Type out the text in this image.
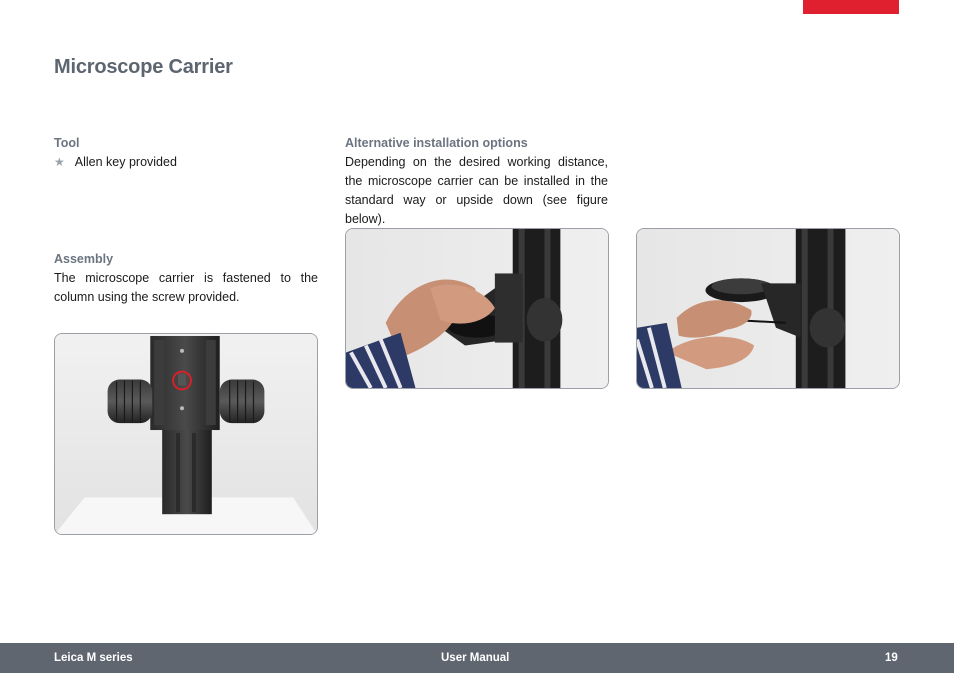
Microscope Carrier
Tool
★ Allen key provided
Assembly

The microscope carrier is fastened to the column using the screw provided.

Alternative installation options

Depending on the desired working distance, the microscope carrier can be installed in the standard way or upside down (see figure below).

Leica M series	User Manual	19
